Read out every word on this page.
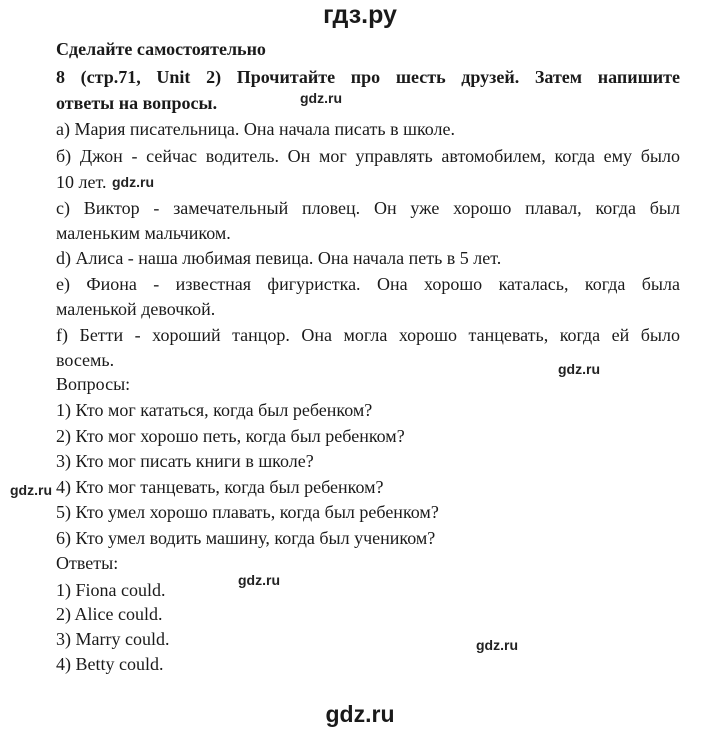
гдз.ру
Сделайте самостоятельно
8 (стр.71, Unit 2) Прочитайте про шесть друзей. Затем напишите
ответы на вопросы.	gdz.ru
a) Мария писательница. Она начала писать в школе.
б) Джон - сейчас водитель. Он мог управлять автомобилем, когда ему было
10 лет. gdz.ru
c) Виктор - замечательный пловец. Он уже хорошо плавал, когда был
маленьким мальчиком.
d) Алиса - наша любимая певица. Она начала петь в 5 лет.
e) Фиона - известная фигуристка. Она хорошо каталась, когда была
маленькой девочкой.
f) Бетти - хороший танцор. Она могла хорошо танцевать, когда ей было
восемь.	gdz.ru
Вопросы:
1) Кто мог кататься, когда был ребенком?
2) Кто мог хорошо петь, когда был ребенком?
3) Кто мог писать книги в школе?
gdz.ru 4) Кто мог танцевать, когда был ребенком?
5) Кто умел хорошо плавать, когда был ребенком?
6) Кто умел водить машину, когда был учеником?
Ответы:
gdz.ru
1) Fiona could.
2) Alice could.
3) Marry could.	gdz.ru
4) Betty could.
gdz.ru
